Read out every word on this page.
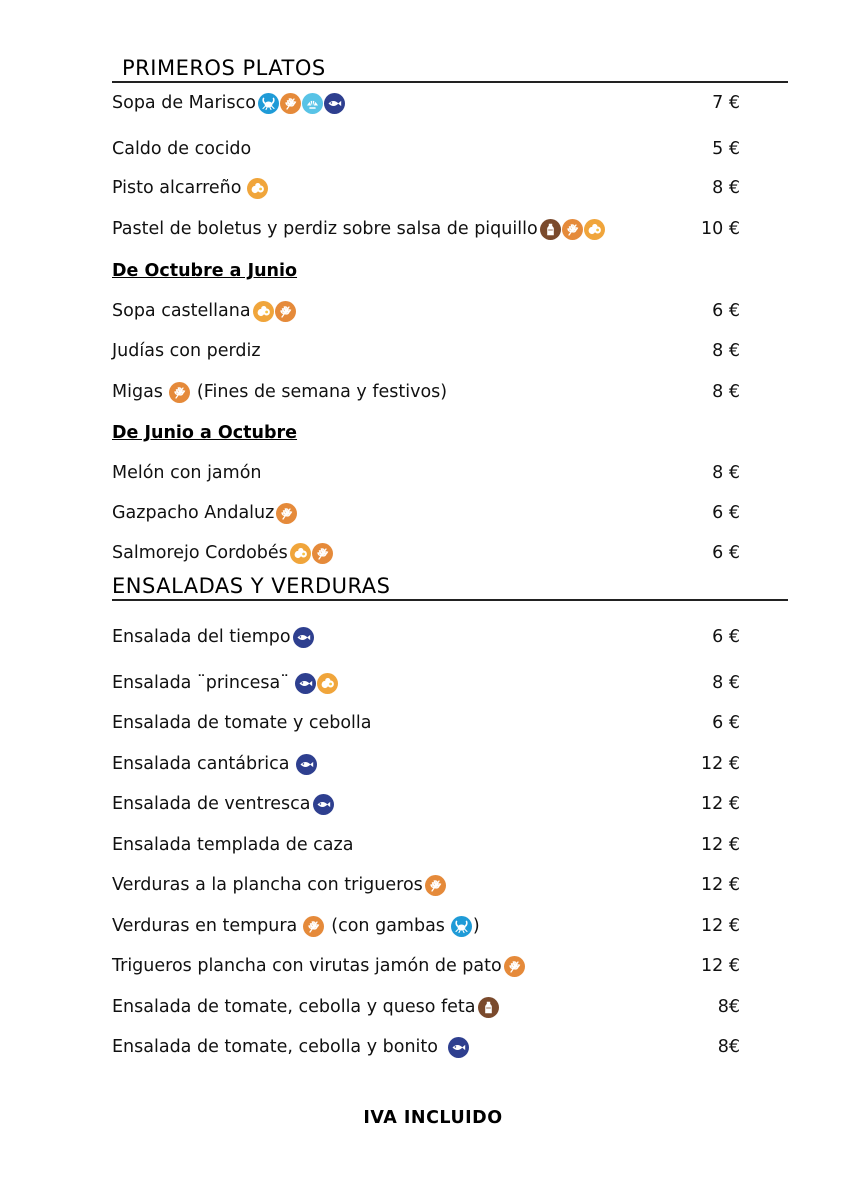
PRIMEROS PLATOS
Sopa de Marisco	7 €
Caldo de cocido	5 €
Pisto alcarreño	8 €
Pastel de boletus y perdiz sobre salsa de piquillo	10 €
De Octubre a Junio
Sopa castellana	6 €
Judías con perdiz	8 €
Migas (Fines de semana y festivos)	8 €
De Junio a Octubre
Melón con jamón	8 €
Gazpacho Andaluz	6 €
Salmorejo Cordobés	6 €
ENSALADAS Y VERDURAS
Ensalada del tiempo	6 €
Ensalada ¨princesa¨	8 €
Ensalada de tomate y cebolla	6 €
Ensalada cantábrica	12 €
Ensalada de ventresca	12 €
Ensalada templada de caza	12 €
Verduras a la plancha con trigueros	12 €
Verduras en tempura (con gambas )	12 €
Trigueros plancha con virutas jamón de pato	12 €
Ensalada de tomate, cebolla y queso feta	8€
Ensalada de tomate, cebolla y bonito	8€
IVA INCLUIDO
